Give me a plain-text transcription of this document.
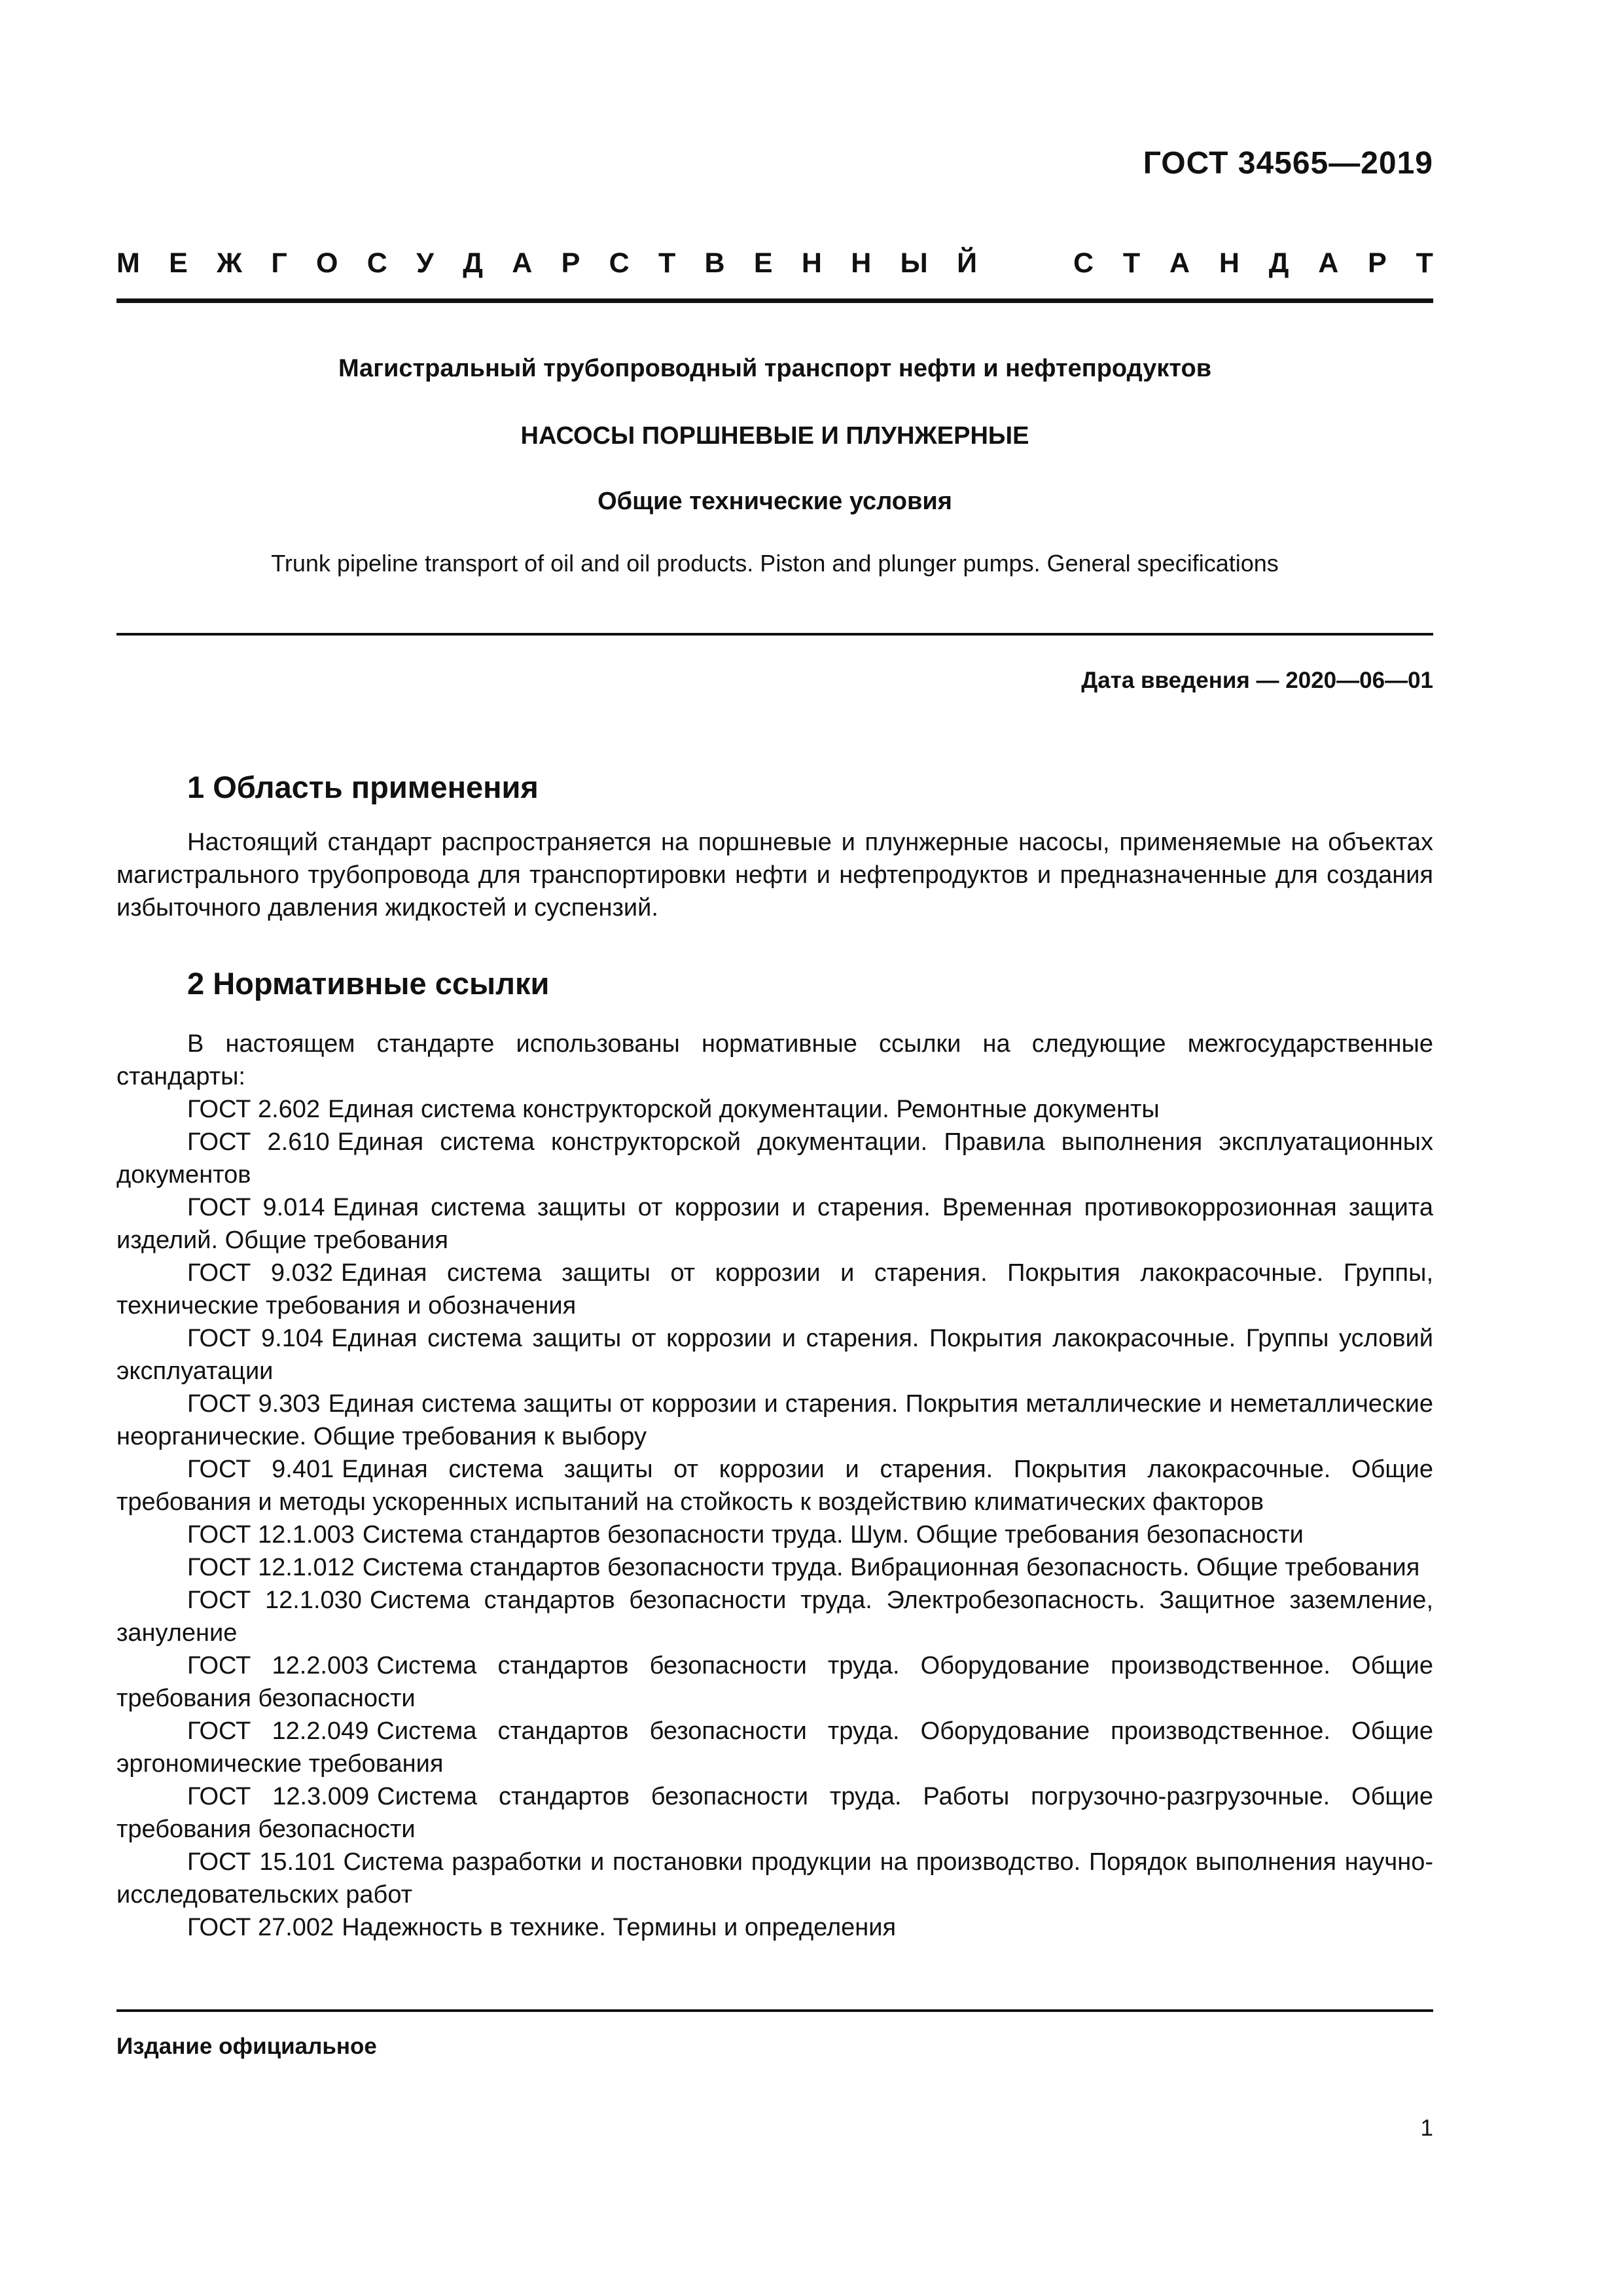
ГОСТ 34565—2019
М Е Ж Г О С У Д А Р С Т В Е Н Н Ы Й	С Т А Н Д А Р Т
Магистральный трубопроводный транспорт нефти и нефтепродуктов
НАСОСЫ ПОРШНЕВЫЕ И ПЛУНЖЕРНЫЕ
Общие технические условия
Trunk pipeline transport of oil and oil products. Piston and plunger pumps. General specifications
Дата введения — 2020—06—01
1 Область применения
Настоящий стандарт распространяется на поршневые и плунжерные насосы, применяемые на объектах магистрального трубопровода для транспортировки нефти и нефтепродуктов и предназначенные для создания избыточного давления жидкостей и суспензий.
2 Нормативные ссылки
В настоящем стандарте использованы нормативные ссылки на следующие межгосударственные стандарты:

ГОСТ 2.602 Единая система конструкторской документации. Ремонтные документы

ГОСТ 2.610 Единая система конструкторской документации. Правила выполнения эксплуатационных документов

ГОСТ 9.014 Единая система защиты от коррозии и старения. Временная противокоррозионная защита изделий. Общие требования

ГОСТ 9.032 Единая система защиты от коррозии и старения. Покрытия лакокрасочные. Группы, технические требования и обозначения

ГОСТ 9.104 Единая система защиты от коррозии и старения. Покрытия лакокрасочные. Группы условий эксплуатации

ГОСТ 9.303 Единая система защиты от коррозии и старения. Покрытия металлические и неметаллические неорганические. Общие требования к выбору

ГОСТ 9.401 Единая система защиты от коррозии и старения. Покрытия лакокрасочные. Общие требования и методы ускоренных испытаний на стойкость к воздействию климатических факторов

ГОСТ 12.1.003 Система стандартов безопасности труда. Шум. Общие требования безопасности

ГОСТ 12.1.012 Система стандартов безопасности труда. Вибрационная безопасность. Общие требования

ГОСТ 12.1.030 Система стандартов безопасности труда. Электробезопасность. Защитное заземление, зануление

ГОСТ 12.2.003 Система стандартов безопасности труда. Оборудование производственное. Общие требования безопасности

ГОСТ 12.2.049 Система стандартов безопасности труда. Оборудование производственное. Общие эргономические требования

ГОСТ 12.3.009 Система стандартов безопасности труда. Работы погрузочно-разгрузочные. Общие требования безопасности

ГОСТ 15.101 Система разработки и постановки продукции на производство. Порядок выполнения научно-исследовательских работ

ГОСТ 27.002 Надежность в технике. Термины и определения

Издание официальное
1
